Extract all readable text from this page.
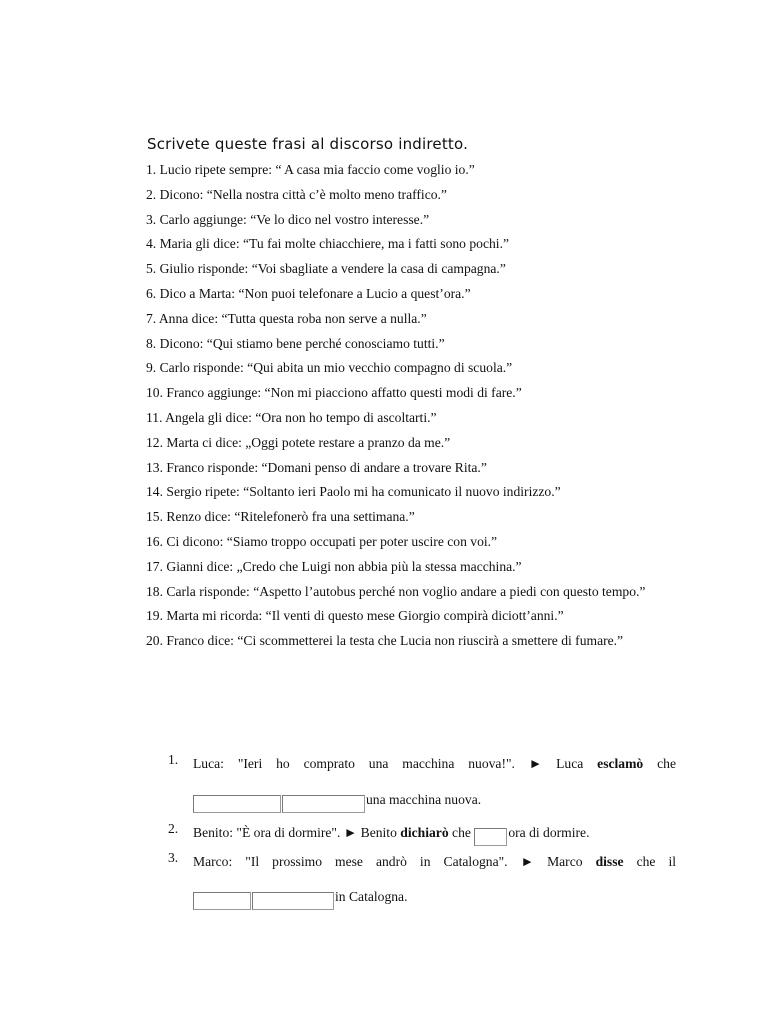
Scrivete queste frasi al discorso indiretto.
1. Lucio ripete sempre: “ A casa mia faccio come voglio io.”
2. Dicono: “Nella nostra città c’è molto meno traffico.”
3. Carlo aggiunge: “Ve lo dico nel vostro interesse.”
4. Maria gli dice: “Tu fai molte chiacchiere, ma i fatti sono pochi.”
5. Giulio risponde: “Voi sbagliate a vendere la casa di campagna.”
6. Dico a Marta: “Non puoi telefonare a Lucio a quest’ora.”
7. Anna dice: “Tutta questa roba non serve a nulla.”
8. Dicono: “Qui stiamo bene perché conosciamo tutti.”
9. Carlo risponde: “Qui abita un mio vecchio compagno di scuola.”
10. Franco aggiunge: “Non mi piacciono affatto questi modi di fare.”
11. Angela gli dice: “Ora non ho tempo di ascoltarti.”
12. Marta ci dice: „Oggi potete restare a pranzo da me.”
13. Franco risponde: “Domani penso di andare a trovare Rita.”
14. Sergio ripete: “Soltanto ieri Paolo mi ha comunicato il nuovo indirizzo.”
15. Renzo dice: “Ritelefonerò fra una settimana.”
16. Ci dicono: “Siamo troppo occupati per poter uscire con voi.”
17. Gianni dice: „Credo che Luigi non abbia più la stessa macchina.”
18. Carla risponde: “Aspetto l’autobus perché non voglio andare a piedi con questo tempo.”
19. Marta mi ricorda: “Il venti di questo mese Giorgio compirà diciott’anni.”
20. Franco dice: “Ci scommetterei la testa che Lucia non riuscirà a smettere di fumare.”
1. Luca: "Ieri ho comprato una macchina nuova!". ► Luca esclamò che
una macchina nuova.
2. Benito: "È ora di dormire". ► Benito dichiarò che	ora di dormire.
3. Marco: "Il prossimo mese andrò in Catalogna". ► Marco disse che il
in Catalogna.
